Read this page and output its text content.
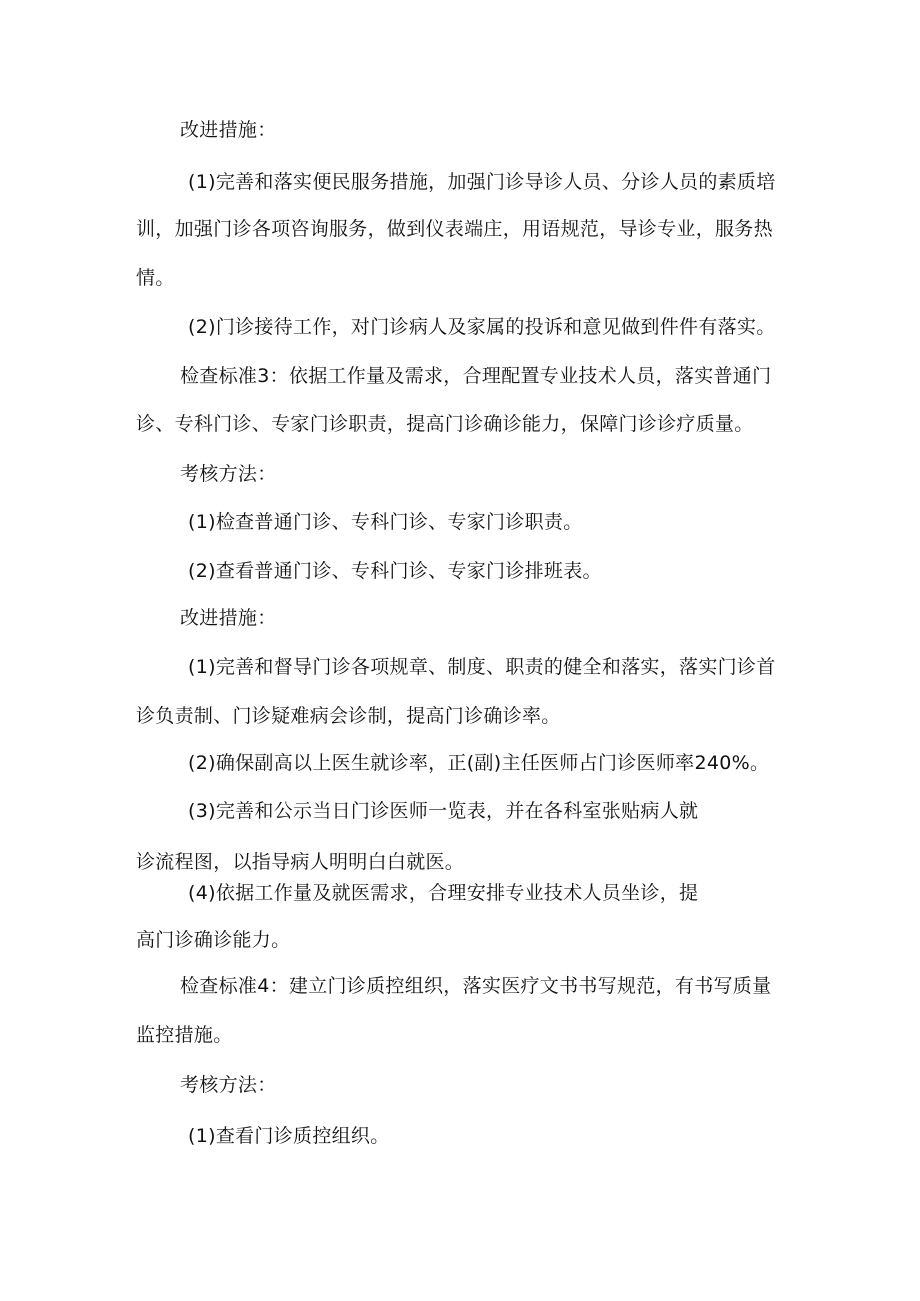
改进措施：
(1)完善和落实便民服务措施，加强门诊导诊人员、分诊人员的素质培
训，加强门诊各项咨询服务，做到仪表端庄，用语规范，导诊专业，服务热
情。
(2)门诊接待工作，对门诊病人及家属的投诉和意见做到件件有落实。
检查标准3：依据工作量及需求，合理配置专业技术人员，落实普通门
诊、专科门诊、专家门诊职责，提高门诊确诊能力，保障门诊诊疗质量。
考核方法：
(1)检查普通门诊、专科门诊、专家门诊职责。
(2)查看普通门诊、专科门诊、专家门诊排班表。
改进措施：
(1)完善和督导门诊各项规章、制度、职责的健全和落实，落实门诊首
诊负责制、门诊疑难病会诊制，提高门诊确诊率。
(2)确保副高以上医生就诊率，正(副)主任医师占门诊医师率240%。
(3)完善和公示当日门诊医师一览表，并在各科室张贴病人就
诊流程图，以指导病人明明白白就医。
(4)依据工作量及就医需求，合理安排专业技术人员坐诊，提
高门诊确诊能力。
检查标准4：建立门诊质控组织，落实医疗文书书写规范，有书写质量
监控措施。
考核方法：
(1)查看门诊质控组织。
